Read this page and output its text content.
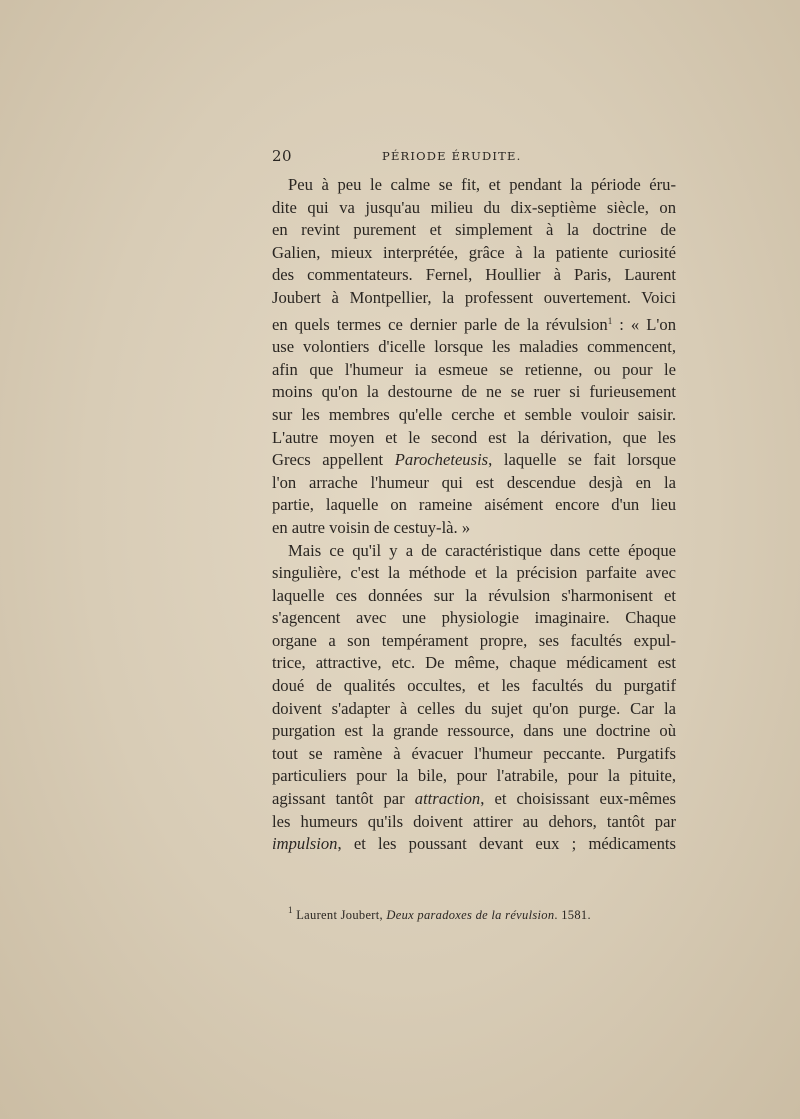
20	PÉRIODE ÉRUDITE.
Peu à peu le calme se fit, et pendant la période éru-
dite qui va jusqu'au milieu du dix-septième siècle, on
en revint purement et simplement à la doctrine de
Galien, mieux interprétée, grâce à la patiente curiosité
des commentateurs. Fernel, Houllier à Paris, Laurent
Joubert à Montpellier, la professent ouvertement. Voici
en quels termes ce dernier parle de la révulsion$^1$ : « L'on
use volontiers d'icelle lorsque les maladies commencent,
afin que l'humeur ia esmeue se retienne, ou pour le
moins qu'on la destourne de ne se ruer si furieusement
sur les membres qu'elle cerche et semble vouloir saisir.
L'autre moyen et le second est la dérivation, que les
Grecs appellent Parocheteusis, laquelle se fait lorsque
l'on arrache l'humeur qui est descendue desjà en la
partie, laquelle on rameine aisément encore d'un lieu
en autre voisin de cestuy-là. »
Mais ce qu'il y a de caractéristique dans cette époque
singulière, c'est la méthode et la précision parfaite avec
laquelle ces données sur la révulsion s'harmonisent et
s'agencent avec une physiologie imaginaire. Chaque
organe a son tempérament propre, ses facultés expul-
trice, attractive, etc. De même, chaque médicament est
doué de qualités occultes, et les facultés du purgatif
doivent s'adapter à celles du sujet qu'on purge. Car la
purgation est la grande ressource, dans une doctrine où
tout se ramène à évacuer l'humeur peccante. Purgatifs
particuliers pour la bile, pour l'atrabile, pour la pituite,
agissant tantôt par attraction, et choisissant eux-mêmes
les humeurs qu'ils doivent attirer au dehors, tantôt par
impulsion, et les poussant devant eux ; médicaments
$^1$ Laurent Joubert, Deux paradoxes de la révulsion. 1581.
